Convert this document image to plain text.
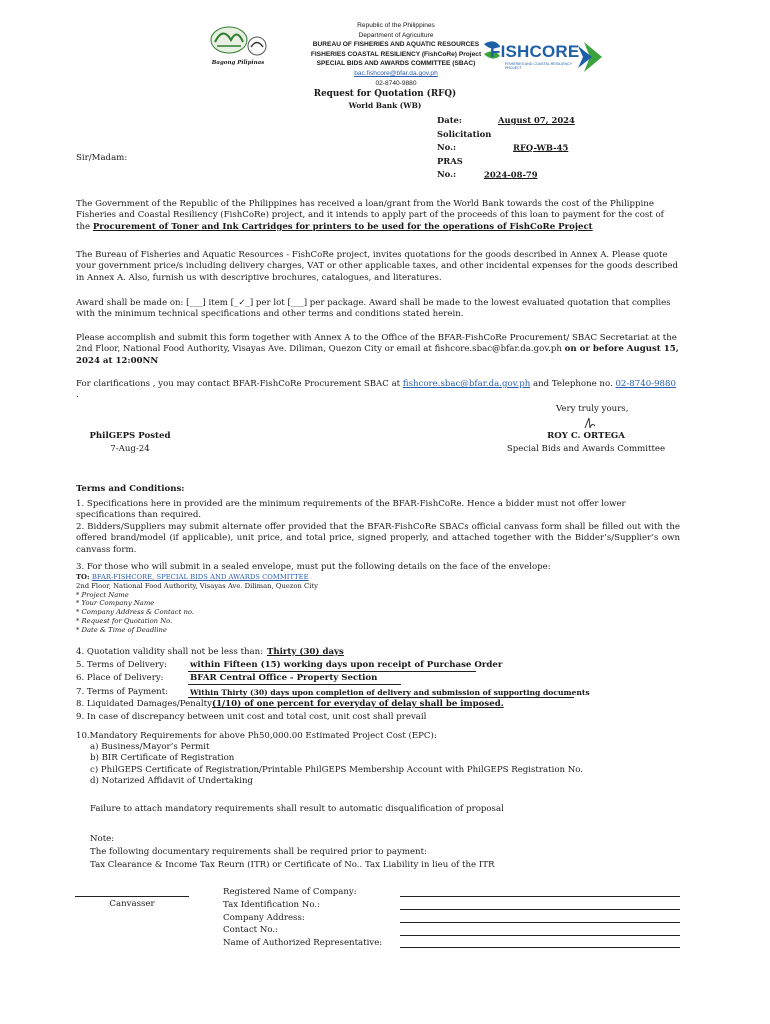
Bagong Pilipinas
Republic of the Philippines
Department of Agriculture
BUREAU OF FISHERIES AND AQUATIC RESOURCES
FISHERIES COASTAL RESILIENCY (FishCoRe) Project
SPECIAL BIDS AND AWARDS COMMITTEE (SBAC)
bac.fishcore@bfar.da.gov.ph
02-8740-9880
FISHCORE
FISHERIES AND COASTAL RESILIENCY PROJECT
Request for Quotation (RFQ)
World Bank (WB)
Date:	August 07, 2024
Solicitation No.:	RFQ-WB-45
PRAS No.:	2024-08-79
Sir/Madam:
The Government of the Republic of the Philippines has received a loan/grant from the World Bank towards the cost of the Philippine Fisheries and Coastal Resiliency (FishCoRe) project, and it intends to apply part of the proceeds of this loan to payment for the cost of the Procurement of Toner and Ink Cartridges for printers to be used for the operations of FishCoRe Project
The Bureau of Fisheries and Aquatic Resources - FishCoRe project, invites quotations for the goods described in Annex A. Please quote your government price/s including delivery charges, VAT or other applicable taxes, and other incidental expenses for the goods described in Annex A. Also, furnish us with descriptive brochures, catalogues, and literatures.
Award shall be made on: [___] item [_✓_] per lot [___] per package. Award shall be made to the lowest evaluated quotation that complies with the minimum technical specifications and other terms and conditions stated herein.
Please accomplish and submit this form together with Annex A to the Office of the BFAR-FishCoRe Procurement/ SBAC Secretariat at the 2nd Floor, National Food Authority, Visayas Ave. Diliman, Quezon City or email at fishcore.sbac@bfar.da.gov.ph on or before August 15, 2024 at 12:00NN
For clarifications , you may contact BFAR-FishCoRe Procurement SBAC at fishcore.sbac@bfar.da.gov.ph and Telephone no. 02-8740-9880 .
Very truly yours,
PhilGEPS Posted
7-Aug-24
ROY C. ORTEGA
Special Bids and Awards Committee
Terms and Conditions:
1. Specifications here in provided are the minimum requirements of the BFAR-FishCoRe. Hence a bidder must not offer lower specifications than required.
2. Bidders/Suppliers may submit alternate offer provided that the BFAR-FishCoRe SBACs official canvass form shall be filled out with the offered brand/model (if applicable), unit price, and total price, signed properly, and attached together with the Bidder’s/Supplier’s own canvass form.
3. For those who will submit in a sealed envelope, must put the following details on the face of the envelope:
TO: BFAR-FISHCORE, SPECIAL BIDS AND AWARDS COMMITTEE
2nd Floor, National Food Authority, Visayas Ave. Diliman, Quezon City
* Project Name
* Your Company Name
* Company Address & Contact no.
* Request for Quotation No.
* Date & Time of Deadline
4. Quotation validity shall not be less than: Thirty (30) days
5. Terms of Delivery:	within Fifteen (15) working days upon receipt of Purchase Order
6. Place of Delivery:	BFAR Central Office - Property Section
7. Terms of Payment:	Within Thirty (30) days upon completion of delivery and submission of supporting documents
8. Liquidated Damages/Penalty:
(1/10) of one percent for everyday of delay shall be imposed.
9. In case of discrepancy between unit cost and total cost, unit cost shall prevail
10.Mandatory Requirements for above Ph50,000.00 Estimated Project Cost (EPC):
a) Business/Mayor’s Permit
b) BIR Certificate of Registration
c) PhilGEPS Certificate of Registration/Printable PhilGEPS Membership Account with PhilGEPS Registration No.
d) Notarized Affidavit of Undertaking
Failure to attach mandatory requirements shall result to automatic disqualification of proposal
Note:
The following documentary requirements shall be required prior to payment:
Tax Clearance & Income Tax Reurn (ITR) or Certificate of No.. Tax Liability in lieu of the ITR
Canvasser
Registered Name of Company:
Tax Identification No.:
Company Address:
Contact No.:
Name of Authorized Representative:
